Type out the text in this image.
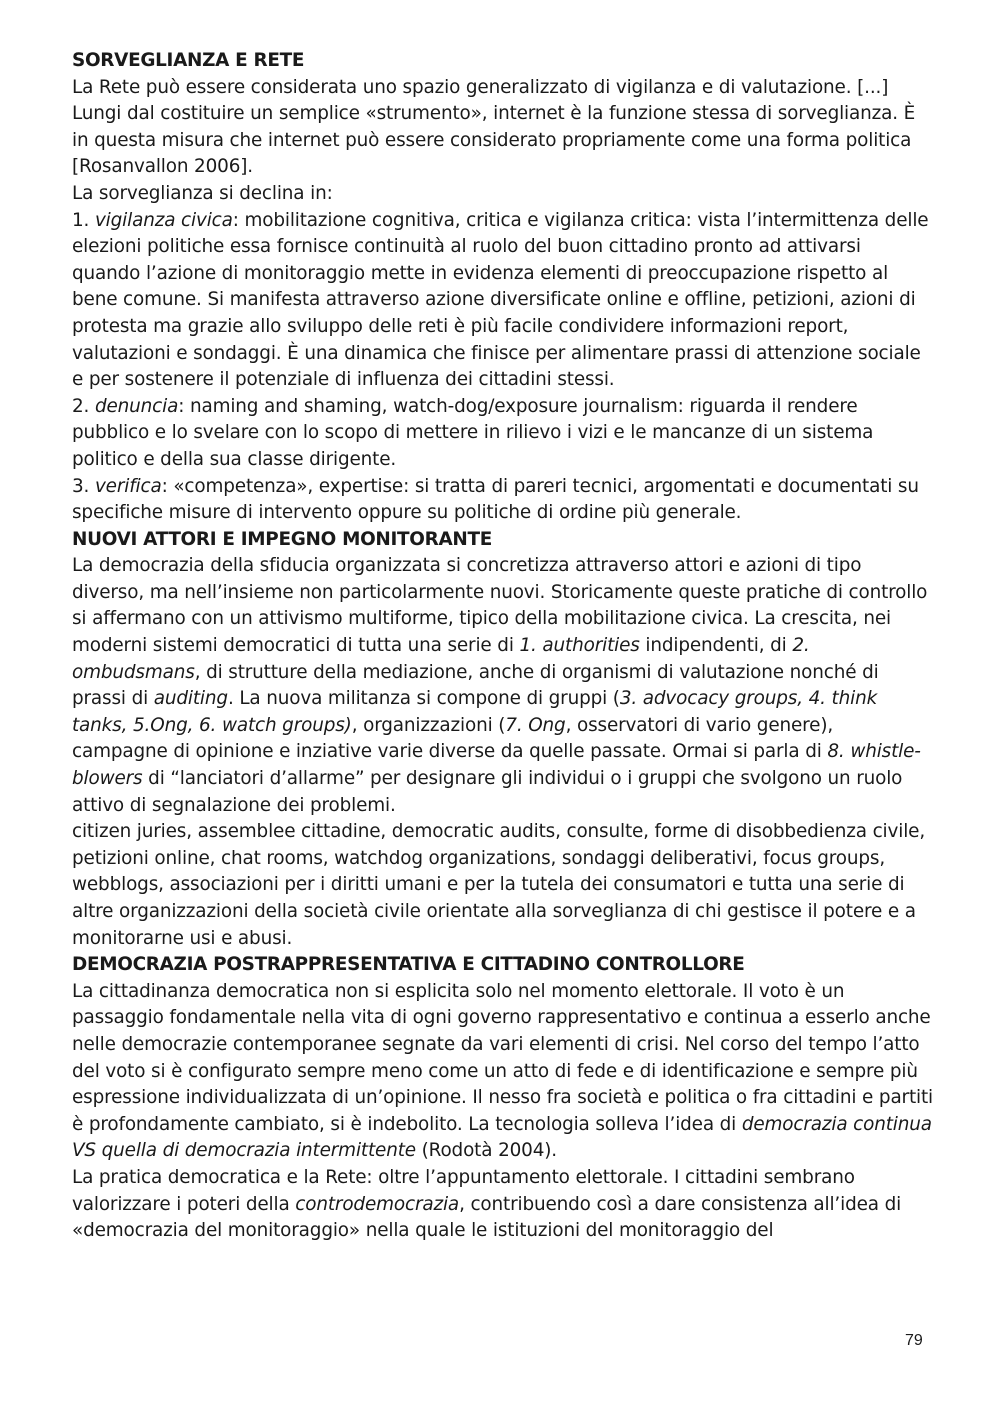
SORVEGLIANZA E RETE

La Rete può essere considerata uno spazio generalizzato di vigilanza e di valutazione. [...] Lungi dal costituire un semplice «strumento», internet è la funzione stessa di sorveglianza. È in questa misura che internet può essere considerato propriamente come una forma politica [Rosanvallon 2006].

La sorveglianza si declina in:

1. vigilanza civica: mobilitazione cognitiva, critica e vigilanza critica: vista l’intermittenza delle elezioni politiche essa fornisce continuità al ruolo del buon cittadino pronto ad attivarsi quando l’azione di monitoraggio mette in evidenza elementi di preoccupazione rispetto al bene comune. Si manifesta attraverso azione diversificate online e offline, petizioni, azioni di protesta ma grazie allo sviluppo delle reti è più facile condividere informazioni report, valutazioni e sondaggi. È una dinamica che finisce per alimentare prassi di attenzione sociale e per sostenere il potenziale di influenza dei cittadini stessi.

2. denuncia: naming and shaming, watch-dog/exposure journalism: riguarda il rendere pubblico e lo svelare con lo scopo di mettere in rilievo i vizi e le mancanze di un sistema politico e della sua classe dirigente.

3. verifica: «competenza», expertise: si tratta di pareri tecnici, argomentati e documentati su specifiche misure di intervento oppure su politiche di ordine più generale.

NUOVI ATTORI E IMPEGNO MONITORANTE

La democrazia della sfiducia organizzata si concretizza attraverso attori e azioni di tipo diverso, ma nell’insieme non particolarmente nuovi. Storicamente queste pratiche di controllo si affermano con un attivismo multiforme, tipico della mobilitazione civica. La crescita, nei moderni sistemi democratici di tutta una serie di 1. authorities indipendenti, di 2. ombudsmans, di strutture della mediazione, anche di organismi di valutazione nonché di prassi di auditing. La nuova militanza si compone di gruppi (3. advocacy groups, 4. think tanks, 5.Ong, 6. watch groups), organizzazioni (7. Ong, osservatori di vario genere), campagne di opinione e inziative varie diverse da quelle passate. Ormai si parla di 8. whistle-blowers di “lanciatori d’allarme” per designare gli individui o i gruppi che svolgono un ruolo attivo di segnalazione dei problemi.

citizen juries, assemblee cittadine, democratic audits, consulte, forme di disobbedienza civile, petizioni online, chat rooms, watchdog organizations, sondaggi deliberativi, focus groups, webblogs, associazioni per i diritti umani e per la tutela dei consumatori e tutta una serie di altre organizzazioni della società civile orientate alla sorveglianza di chi gestisce il potere e a monitorarne usi e abusi.

DEMOCRAZIA POSTRAPPRESENTATIVA E CITTADINO CONTROLLORE

La cittadinanza democratica non si esplicita solo nel momento elettorale. Il voto è un passaggio fondamentale nella vita di ogni governo rappresentativo e continua a esserlo anche nelle democrazie contemporanee segnate da vari elementi di crisi. Nel corso del tempo l’atto del voto si è configurato sempre meno come un atto di fede e di identificazione e sempre più espressione individualizzata di un’opinione. Il nesso fra società e politica o fra cittadini e partiti è profondamente cambiato, si è indebolito. La tecnologia solleva l’idea di democrazia continua VS quella di democrazia intermittente (Rodotà 2004).

La pratica democratica e la Rete: oltre l’appuntamento elettorale. I cittadini sembrano valorizzare i poteri della controdemocrazia, contribuendo così a dare consistenza all’idea di «democrazia del monitoraggio» nella quale le istituzioni del monitoraggio del

79
